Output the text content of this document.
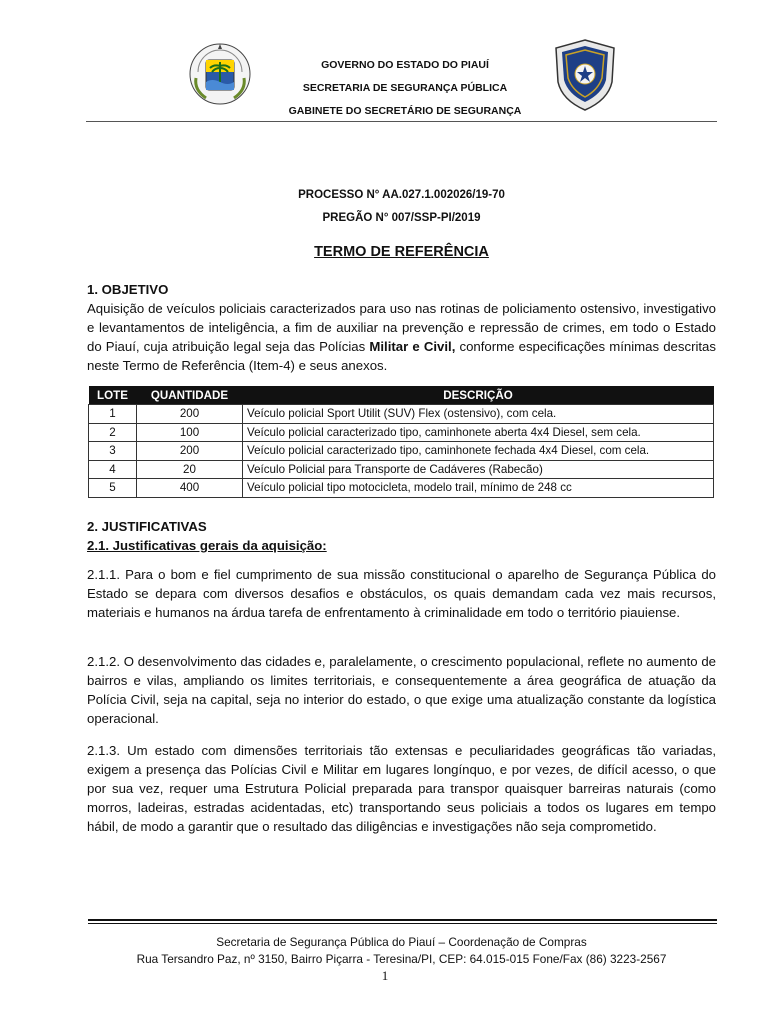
GOVERNO DO ESTADO DO PIAUÍ
SECRETARIA DE SEGURANÇA PÚBLICA
GABINETE DO SECRETÁRIO DE SEGURANÇA
PROCESSO N° AA.027.1.002026/19-70
PREGÃO N° 007/SSP-PI/2019
TERMO DE REFERÊNCIA
1. OBJETIVO
Aquisição de veículos policiais caracterizados para uso nas rotinas de policiamento ostensivo, investigativo e levantamentos de inteligência, a fim de auxiliar na prevenção e repressão de crimes, em todo o Estado do Piauí, cuja atribuição legal seja das Polícias Militar e Civil, conforme especificações mínimas descritas neste Termo de Referência (Item-4) e seus anexos.
LOTE	QUANTIDADE	DESCRIÇÃO
1	200	Veículo policial Sport Utilit (SUV) Flex (ostensivo), com cela.
2	100	Veículo policial caracterizado tipo, caminhonete aberta 4x4 Diesel, sem cela.
3	200	Veículo policial caracterizado tipo, caminhonete fechada 4x4 Diesel, com cela.
4	20	Veículo Policial para Transporte de Cadáveres (Rabecão)
5	400	Veículo policial tipo motocicleta, modelo trail, mínimo de 248 cc
2. JUSTIFICATIVAS
2.1. Justificativas gerais da aquisição:
2.1.1. Para o bom e fiel cumprimento de sua missão constitucional o aparelho de Segurança Pública do Estado se depara com diversos desafios e obstáculos, os quais demandam cada vez mais recursos, materiais e humanos na árdua tarefa de enfrentamento à criminalidade em todo o território piauiense.
2.1.2. O desenvolvimento das cidades e, paralelamente, o crescimento populacional, reflete no aumento de bairros e vilas, ampliando os limites territoriais, e consequentemente a área geográfica de atuação da Polícia Civil, seja na capital, seja no interior do estado, o que exige uma atualização constante da logística operacional.
2.1.3. Um estado com dimensões territoriais tão extensas e peculiaridades geográficas tão variadas, exigem a presença das Polícias Civil e Militar em lugares longínquo, e por vezes, de difícil acesso, o que por sua vez, requer uma Estrutura Policial preparada para transpor quaisquer barreiras naturais (como morros, ladeiras, estradas acidentadas, etc) transportando seus policiais a todos os lugares em tempo hábil, de modo a garantir que o resultado das diligências e investigações não seja comprometido.
Secretaria de Segurança Pública do Piauí – Coordenação de Compras
Rua Tersandro Paz, nº 3150, Bairro Piçarra - Teresina/PI, CEP: 64.015-015 Fone/Fax (86) 3223-2567
1
